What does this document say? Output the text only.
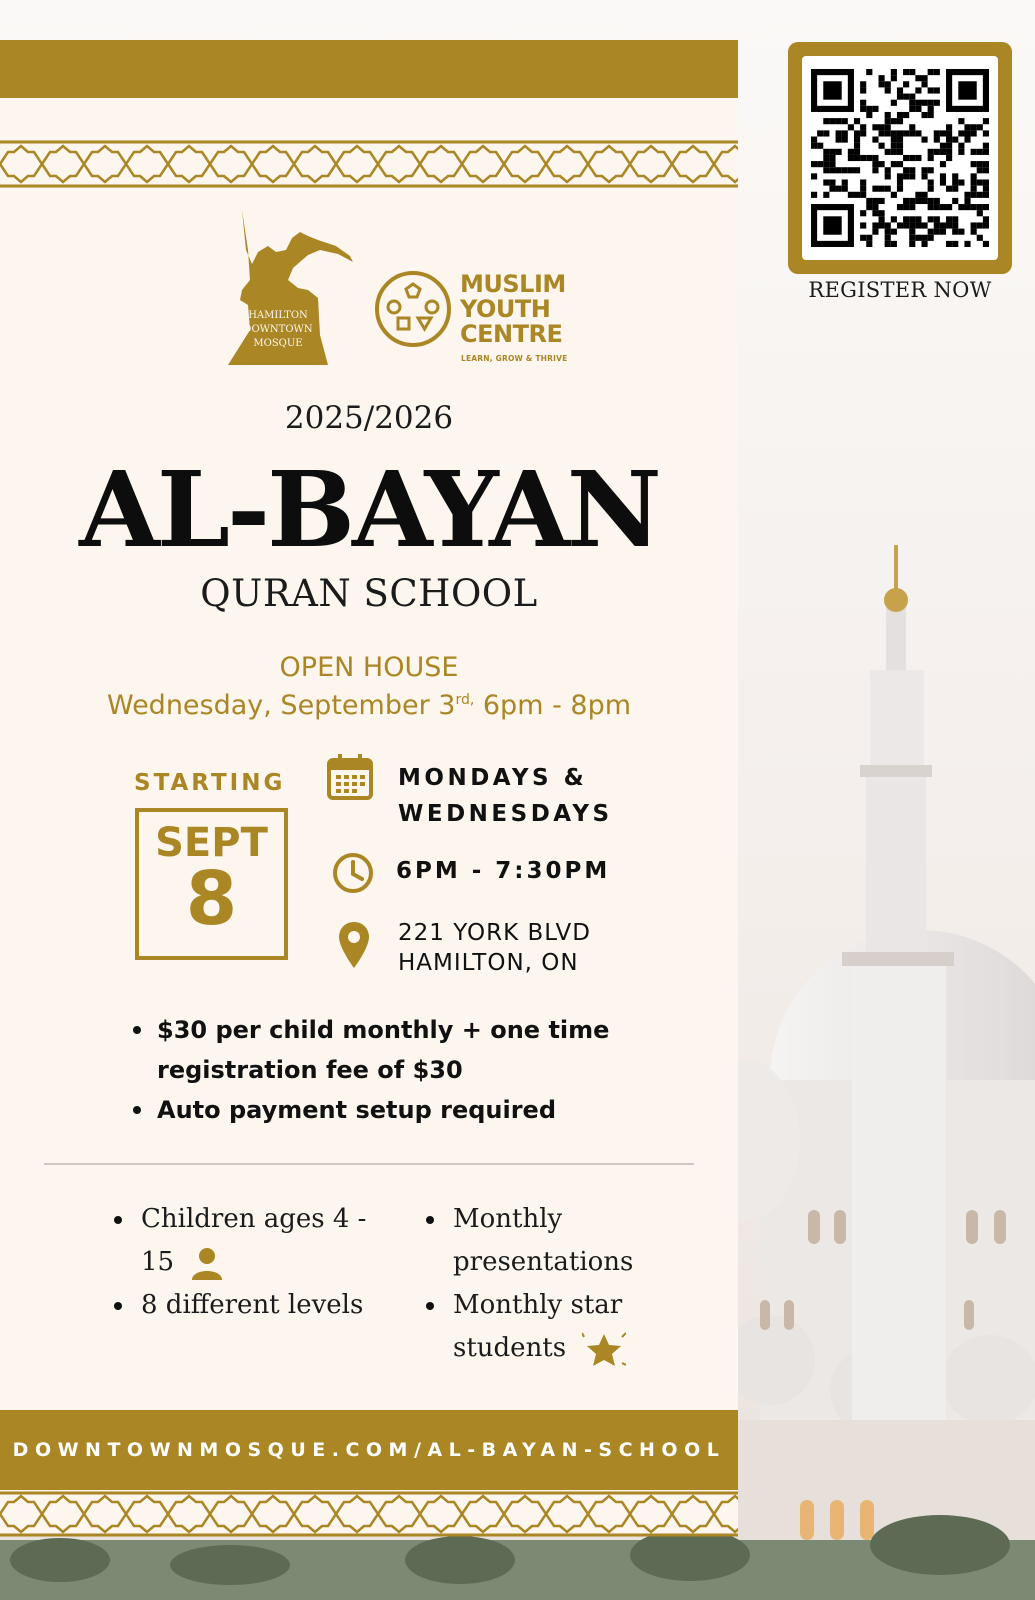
REGISTER NOW
HAMILTON
DOWNTOWN
MOSQUE
MUSLIM
YOUTH
CENTRE
LEARN, GROW & THRIVE
2025/2026
AL-BAYAN
QURAN SCHOOL
OPEN HOUSE
Wednesday, September $3^{rd,}$ 6pm - 8pm
STARTING
SEPT
8
MONDAYS &
WEDNESDAYS
6PM - 7:30PM
221 YORK BLVD
HAMILTON, ON
$30 per child monthly + one time registration fee of $30
Auto payment setup required
Children ages 4 - 15
8 different levels
Monthly presentations
Monthly star students
DOWNTOWNMOSQUE.COM/AL-BAYAN-SCHOOL
